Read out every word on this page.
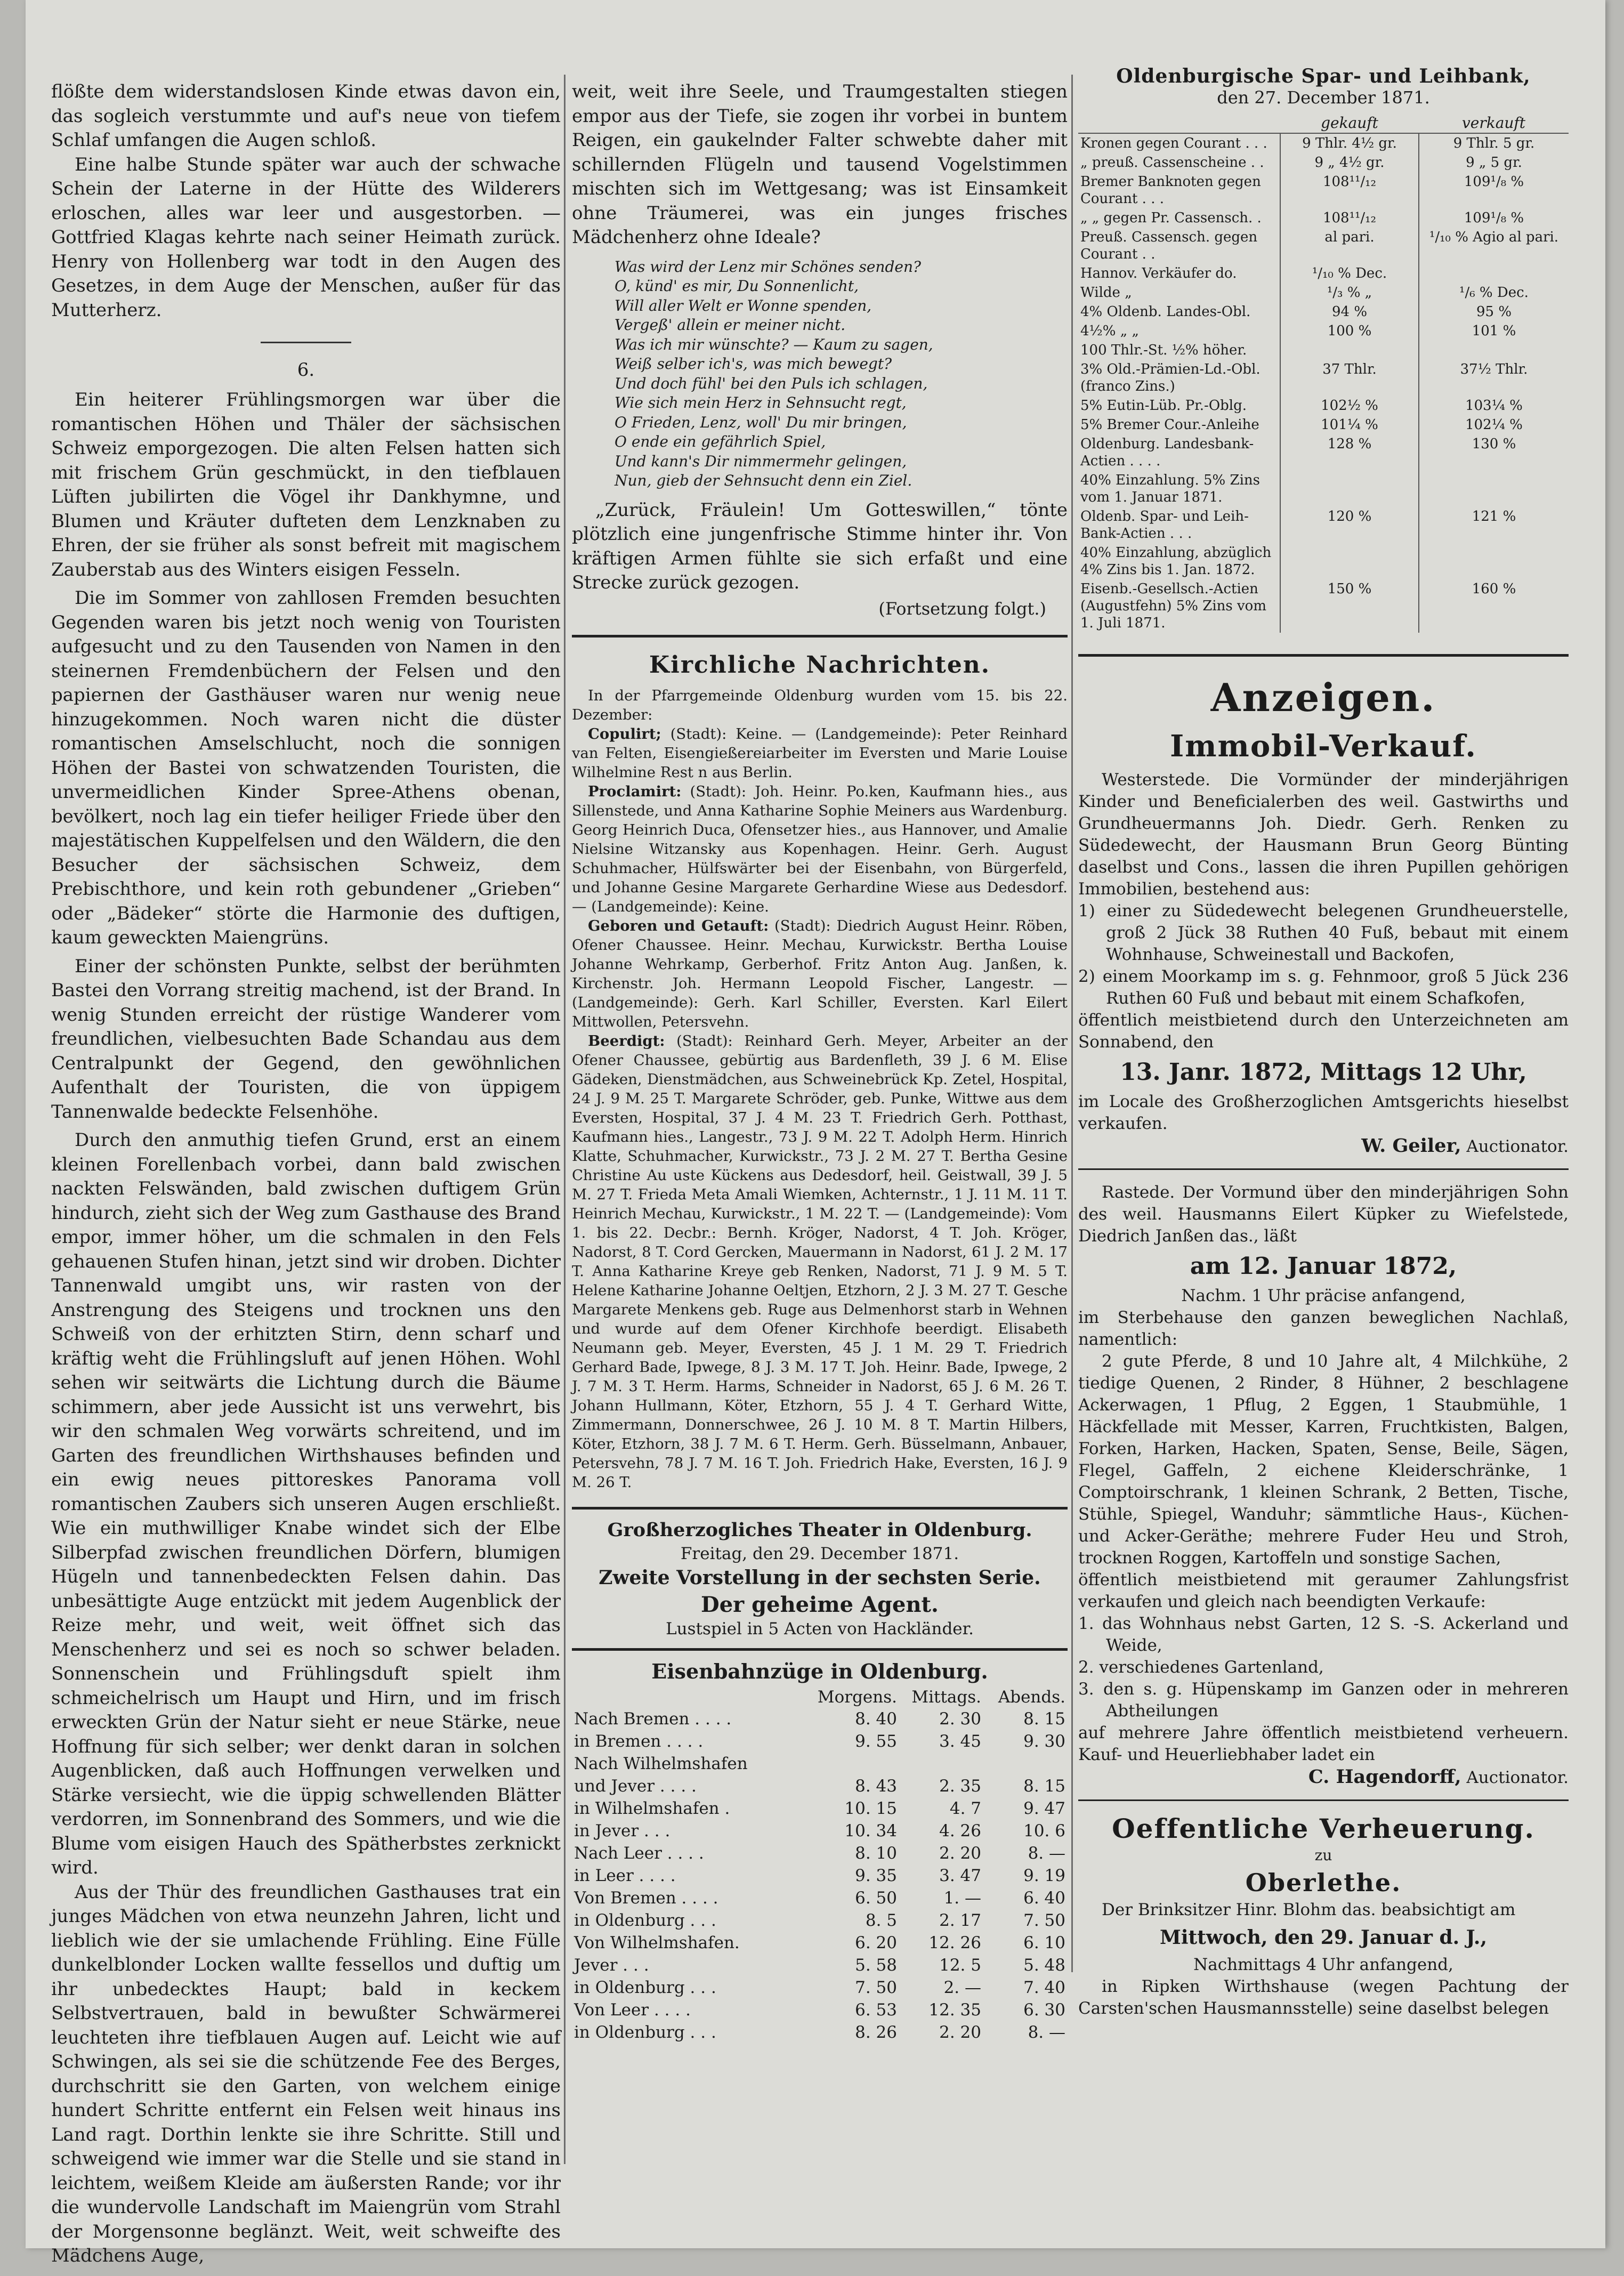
flößte dem widerstandslosen Kinde etwas davon ein, das sogleich verstummte und auf's neue von tiefem Schlaf umfangen die Augen schloß.

Eine halbe Stunde später war auch der schwache Schein der Laterne in der Hütte des Wilderers erloschen, alles war leer und ausgestorben. — Gottfried Klagas kehrte nach seiner Heimath zurück. Henry von Hollenberg war todt in den Augen des Gesetzes, in dem Auge der Menschen, außer für das Mutterherz.

6.

Ein heiterer Frühlingsmorgen war über die romantischen Höhen und Thäler der sächsischen Schweiz emporgezogen. Die alten Felsen hatten sich mit frischem Grün geschmückt, in den tiefblauen Lüften jubilirten die Vögel ihr Dankhymne, und Blumen und Kräuter dufteten dem Lenzknaben zu Ehren, der sie früher als sonst befreit mit magischem Zauberstab aus des Winters eisigen Fesseln.

Die im Sommer von zahllosen Fremden besuchten Gegenden waren bis jetzt noch wenig von Touristen aufgesucht und zu den Tausenden von Namen in den steinernen Fremdenbüchern der Felsen und den papiernen der Gasthäuser waren nur wenig neue hinzugekommen. Noch waren nicht die düster romantischen Amselschlucht, noch die sonnigen Höhen der Bastei von schwatzenden Touristen, die unvermeidlichen Kinder Spree-Athens obenan, bevölkert, noch lag ein tiefer heiliger Friede über den majestätischen Kuppelfelsen und den Wäldern, die den Besucher der sächsischen Schweiz, dem Prebischthore, und kein roth gebundener „Grieben“ oder „Bädeker“ störte die Harmonie des duftigen, kaum geweckten Maiengrüns.

Einer der schönsten Punkte, selbst der berühmten Bastei den Vorrang streitig machend, ist der Brand. In wenig Stunden erreicht der rüstige Wanderer vom freundlichen, vielbesuchten Bade Schandau aus dem Centralpunkt der Gegend, den gewöhnlichen Aufenthalt der Touristen, die von üppigem Tannenwalde bedeckte Felsenhöhe.

Durch den anmuthig tiefen Grund, erst an einem kleinen Forellenbach vorbei, dann bald zwischen nackten Felswänden, bald zwischen duftigem Grün hindurch, zieht sich der Weg zum Gasthause des Brand empor, immer höher, um die schmalen in den Fels gehauenen Stufen hinan, jetzt sind wir droben. Dichter Tannenwald umgibt uns, wir rasten von der Anstrengung des Steigens und trocknen uns den Schweiß von der erhitzten Stirn, denn scharf und kräftig weht die Frühlingsluft auf jenen Höhen. Wohl sehen wir seitwärts die Lichtung durch die Bäume schimmern, aber jede Aussicht ist uns verwehrt, bis wir den schmalen Weg vorwärts schreitend, und im Garten des freundlichen Wirthshauses befinden und ein ewig neues pittoreskes Panorama voll romantischen Zaubers sich unseren Augen erschließt. Wie ein muthwilliger Knabe windet sich der Elbe Silberpfad zwischen freundlichen Dörfern, blumigen Hügeln und tannenbedeckten Felsen dahin. Das unbesättigte Auge entzückt mit jedem Augenblick der Reize mehr, und weit, weit öffnet sich das Menschenherz und sei es noch so schwer beladen. Sonnenschein und Frühlingsduft spielt ihm schmeichelrisch um Haupt und Hirn, und im frisch erweckten Grün der Natur sieht er neue Stärke, neue Hoffnung für sich selber; wer denkt daran in solchen Augenblicken, daß auch Hoffnungen verwelken und Stärke versiecht, wie die üppig schwellenden Blätter verdorren, im Sonnenbrand des Sommers, und wie die Blume vom eisigen Hauch des Spätherbstes zerknickt wird.

Aus der Thür des freundlichen Gasthauses trat ein junges Mädchen von etwa neunzehn Jahren, licht und lieblich wie der sie umlachende Frühling. Eine Fülle dunkelblonder Locken wallte fessellos und duftig um ihr unbedecktes Haupt; bald in keckem Selbstvertrauen, bald in bewußter Schwärmerei leuchteten ihre tiefblauen Augen auf. Leicht wie auf Schwingen, als sei sie die schützende Fee des Berges, durchschritt sie den Garten, von welchem einige hundert Schritte entfernt ein Felsen weit hinaus ins Land ragt. Dorthin lenkte sie ihre Schritte. Still und schweigend wie immer war die Stelle und sie stand in leichtem, weißem Kleide am äußersten Rande; vor ihr die wundervolle Landschaft im Maiengrün vom Strahl der Morgensonne beglänzt. Weit, weit schweifte des Mädchens Auge,

weit, weit ihre Seele, und Traumgestalten stiegen empor aus der Tiefe, sie zogen ihr vorbei in buntem Reigen, ein gaukelnder Falter schwebte daher mit schillernden Flügeln und tausend Vogelstimmen mischten sich im Wettgesang; was ist Einsamkeit ohne Träumerei, was ein junges frisches Mädchenherz ohne Ideale?

Was wird der Lenz mir Schönes senden?
O, künd' es mir, Du Sonnenlicht,
Will aller Welt er Wonne spenden,
Vergeß' allein er meiner nicht.
Was ich mir wünschte? — Kaum zu sagen,
Weiß selber ich's, was mich bewegt?
Und doch fühl' bei den Puls ich schlagen,
Wie sich mein Herz in Sehnsucht regt,
O Frieden, Lenz, woll' Du mir bringen,
O ende ein gefährlich Spiel,
Und kann's Dir nimmermehr gelingen,
Nun, gieb der Sehnsucht denn ein Ziel.

„Zurück, Fräulein! Um Gotteswillen,“ tönte plötzlich eine jungenfrische Stimme hinter ihr. Von kräftigen Armen fühlte sie sich erfaßt und eine Strecke zurück gezogen.

(Fortsetzung folgt.)
Kirchliche Nachrichten.

In der Pfarrgemeinde Oldenburg wurden vom 15. bis 22. Dezember:

Copulirt; (Stadt): Keine. — (Landgemeinde): Peter Reinhard van Felten, Eisengießereiarbeiter im Eversten und Marie Louise Wilhelmine Rest n aus Berlin.

Proclamirt: (Stadt): Joh. Heinr. Po.ken, Kaufmann hies., aus Sillenstede, und Anna Katharine Sophie Meiners aus Wardenburg. Georg Heinrich Duca, Ofensetzer hies., aus Hannover, und Amalie Nielsine Witzansky aus Kopenhagen. Heinr. Gerh. August Schuhmacher, Hülfswärter bei der Eisenbahn, von Bürgerfeld, und Johanne Gesine Margarete Gerhardine Wiese aus Dedesdorf. — (Landgemeinde): Keine.

Geboren und Getauft: (Stadt): Diedrich August Heinr. Röben, Ofener Chaussee. Heinr. Mechau, Kurwickstr. Bertha Louise Johanne Wehrkamp, Gerberhof. Fritz Anton Aug. Janßen, k. Kirchenstr. Joh. Hermann Leopold Fischer, Langestr. — (Landgemeinde): Gerh. Karl Schiller, Eversten. Karl Eilert Mittwollen, Petersvehn.

Beerdigt: (Stadt): Reinhard Gerh. Meyer, Arbeiter an der Ofener Chaussee, gebürtig aus Bardenfleth, 39 J. 6 M. Elise Gädeken, Dienstmädchen, aus Schweinebrück Kp. Zetel, Hospital, 24 J. 9 M. 25 T. Margarete Schröder, geb. Punke, Wittwe aus dem Eversten, Hospital, 37 J. 4 M. 23 T. Friedrich Gerh. Potthast, Kaufmann hies., Langestr., 73 J. 9 M. 22 T. Adolph Herm. Hinrich Klatte, Schuhmacher, Kurwickstr., 73 J. 2 M. 27 T. Bertha Gesine Christine Au uste Kückens aus Dedesdorf, heil. Geistwall, 39 J. 5 M. 27 T. Frieda Meta Amali Wiemken, Achternstr., 1 J. 11 M. 11 T. Heinrich Mechau, Kurwickstr., 1 M. 22 T. — (Landgemeinde): Vom 1. bis 22. Decbr.: Bernh. Kröger, Nadorst, 4 T. Joh. Kröger, Nadorst, 8 T. Cord Gercken, Mauermann in Nadorst, 61 J. 2 M. 17 T. Anna Katharine Kreye geb Renken, Nadorst, 71 J. 9 M. 5 T. Helene Katharine Johanne Oeltjen, Etzhorn, 2 J. 3 M. 27 T. Gesche Margarete Menkens geb. Ruge aus Delmenhorst starb in Wehnen und wurde auf dem Ofener Kirchhofe beerdigt. Elisabeth Neumann geb. Meyer, Eversten, 45 J. 1 M. 29 T. Friedrich Gerhard Bade, Ipwege, 8 J. 3 M. 17 T. Joh. Heinr. Bade, Ipwege, 2 J. 7 M. 3 T. Herm. Harms, Schneider in Nadorst, 65 J. 6 M. 26 T. Johann Hullmann, Köter, Etzhorn, 55 J. 4 T. Gerhard Witte, Zimmermann, Donnerschwee, 26 J. 10 M. 8 T. Martin Hilbers, Köter, Etzhorn, 38 J. 7 M. 6 T. Herm. Gerh. Büsselmann, Anbauer, Petersvehn, 78 J. 7 M. 16 T. Joh. Friedrich Hake, Eversten, 16 J. 9 M. 26 T.

Großherzogliches Theater in Oldenburg.
Freitag, den 29. December 1871.
Zweite Vorstellung in der sechsten Serie.
Der geheime Agent.
Lustspiel in 5 Acten von Hackländer.
Eisenbahnzüge in Oldenburg.
	Morgens.	Mittags.	Abends.
Nach Bremen . . . .	8. 40	2. 30	8. 15
in Bremen . . . .	9. 55	3. 45	9. 30
Nach Wilhelmshafen			
und Jever . . . .	8. 43	2. 35	8. 15
in Wilhelmshafen .	10. 15	4. 7	9. 47
in Jever . . .	10. 34	4. 26	10. 6
Nach Leer . . . .	8. 10	2. 20	8. —
in Leer . . . .	9. 35	3. 47	9. 19
Von Bremen . . . .	6. 50	1. —	6. 40
in Oldenburg . . .	8. 5	2. 17	7. 50
Von Wilhelmshafen.	6. 20	12. 26	6. 10
Jever . . .	5. 58	12. 5	5. 48
in Oldenburg . . .	7. 50	2. —	7. 40
Von Leer . . . .	6. 53	12. 35	6. 30
in Oldenburg . . .	8. 26	2. 20	8. —
Oldenburgische Spar- und Leihbank,
den 27. December 1871.
	gekauft	verkauft
Kronen gegen Courant . . .	9 Thlr. 4½ gr.	9 Thlr. 5 gr.
„ preuß. Cassenscheine . .	9 „ 4½ gr.	9 „ 5 gr.
Bremer Banknoten gegen Courant . . .	108¹¹/₁₂	109¹/₈ %
„ „ gegen Pr. Cassensch. .	108¹¹/₁₂	109¹/₈ %
Preuß. Cassensch. gegen Courant . .	al pari.	¹/₁₀ % Agio al pari.
Hannov. Verkäufer do.	¹/₁₀ % Dec.	
Wilde „	¹/₃ % „	¹/₆ % Dec.
4% Oldenb. Landes-Obl.	94 %	95 %
4½% „ „	100 %	101 %
100 Thlr.-St. ½% höher.		
3% Old.-Prämien-Ld.-Obl. (franco Zins.)	37 Thlr.	37½ Thlr.
5% Eutin-Lüb. Pr.-Oblg.	102½ %	103¼ %
5% Bremer Cour.-Anleihe	101¼ %	102¼ %
Oldenburg. Landesbank-Actien . . . .	128 %	130 %
40% Einzahlung. 5% Zins vom 1. Januar 1871.		
Oldenb. Spar- und Leih-Bank-Actien . . .	120 %	121 %
40% Einzahlung, abzüglich 4% Zins bis 1. Jan. 1872.		
Eisenb.-Gesellsch.-Actien (Augustfehn) 5% Zins vom 1. Juli 1871.	150 %	160 %
Anzeigen.
Immobil-Verkauf.

Westerstede. Die Vormünder der minderjährigen Kinder und Beneficialerben des weil. Gastwirths und Grundheuermanns Joh. Diedr. Gerh. Renken zu Südedewecht, der Hausmann Brun Georg Bünting daselbst und Cons., lassen die ihren Pupillen gehörigen Immobilien, bestehend aus:

1) einer zu Südedewecht belegenen Grundheuerstelle, groß 2 Jück 38 Ruthen 40 Fuß, bebaut mit einem Wohnhause, Schweinestall und Backofen,

2) einem Moorkamp im s. g. Fehnmoor, groß 5 Jück 236 Ruthen 60 Fuß und bebaut mit einem Schafkofen,

öffentlich meistbietend durch den Unterzeichneten am Sonnabend, den

13. Janr. 1872, Mittags 12 Uhr,

im Locale des Großherzoglichen Amtsgerichts hieselbst verkaufen.

W. Geiler, Auctionator.

Rastede. Der Vormund über den minderjährigen Sohn des weil. Hausmanns Eilert Küpker zu Wiefelstede, Diedrich Janßen das., läßt

am 12. Januar 1872,

Nachm. 1 Uhr präcise anfangend,

im Sterbehause den ganzen beweglichen Nachlaß, namentlich:

2 gute Pferde, 8 und 10 Jahre alt, 4 Milchkühe, 2 tiedige Quenen, 2 Rinder, 8 Hühner, 2 beschlagene Ackerwagen, 1 Pflug, 2 Eggen, 1 Staubmühle, 1 Häckfellade mit Messer, Karren, Fruchtkisten, Balgen, Forken, Harken, Hacken, Spaten, Sense, Beile, Sägen, Flegel, Gaffeln, 2 eichene Kleiderschränke, 1 Comptoirschrank, 1 kleinen Schrank, 2 Betten, Tische, Stühle, Spiegel, Wanduhr; sämmtliche Haus-, Küchen- und Acker-Geräthe; mehrere Fuder Heu und Stroh, trocknen Roggen, Kartoffeln und sonstige Sachen,

öffentlich meistbietend mit geraumer Zahlungsfrist verkaufen und gleich nach beendigten Verkaufe:

1. das Wohnhaus nebst Garten, 12 S. -S. Ackerland und Weide,

2. verschiedenes Gartenland,

3. den s. g. Hüpenskamp im Ganzen oder in mehreren Abtheilungen

auf mehrere Jahre öffentlich meistbietend verheuern. Kauf- und Heuerliebhaber ladet ein

C. Hagendorff, Auctionator.
Oeffentliche Verheuerung.
zu
Oberlethe.

Der Brinksitzer Hinr. Blohm das. beabsichtigt am

Mittwoch, den 29. Januar d. J.,

Nachmittags 4 Uhr anfangend,

in Ripken Wirthshause (wegen Pachtung der Carsten'schen Hausmannsstelle) seine daselbst belegen
